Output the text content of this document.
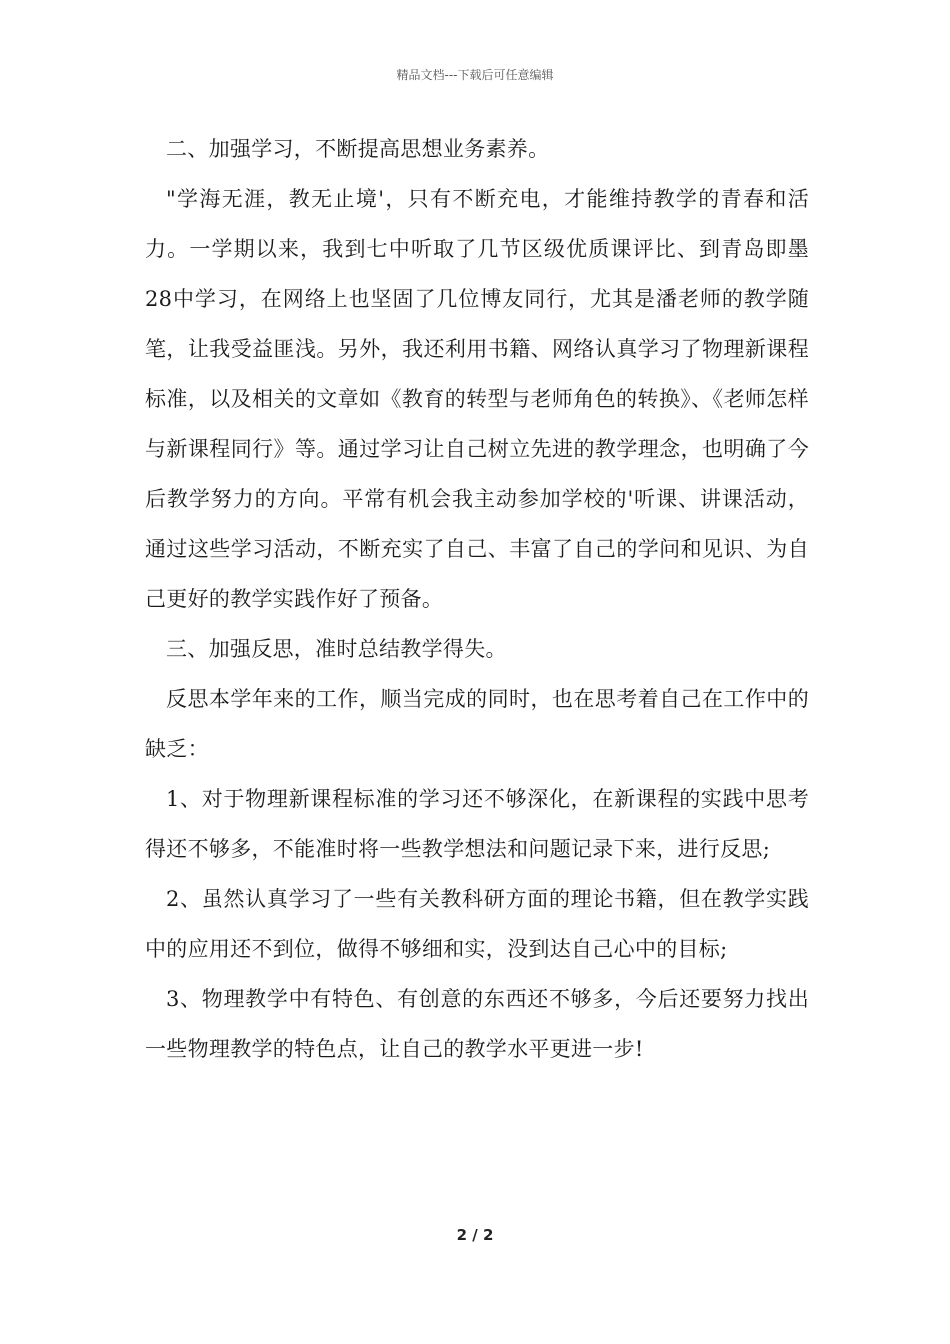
精品文档---下载后可任意编辑

二、加强学习，不断提高思想业务素养。

"学海无涯，教无止境'，只有不断充电，才能维持教学的青春和活力。一学期以来，我到七中听取了几节区级优质课评比、到青岛即墨28中学习，在网络上也坚固了几位博友同行，尤其是潘老师的教学随笔，让我受益匪浅。另外，我还利用书籍、网络认真学习了物理新课程标准，以及相关的文章如《教育的转型与老师角色的转换》、《老师怎样与新课程同行》等。通过学习让自己树立先进的教学理念，也明确了今后教学努力的方向。平常有机会我主动参加学校的'听课、讲课活动，通过这些学习活动，不断充实了自己、丰富了自己的学问和见识、为自己更好的教学实践作好了预备。

三、加强反思，准时总结教学得失。

反思本学年来的工作，顺当完成的同时，也在思考着自己在工作中的缺乏：

1、对于物理新课程标准的学习还不够深化，在新课程的实践中思考得还不够多，不能准时将一些教学想法和问题记录下来，进行反思;

2、虽然认真学习了一些有关教科研方面的理论书籍，但在教学实践中的应用还不到位，做得不够细和实，没到达自己心中的目标;

3、物理教学中有特色、有创意的东西还不够多，今后还要努力找出一些物理教学的特色点，让自己的教学水平更进一步!

2 / 2
